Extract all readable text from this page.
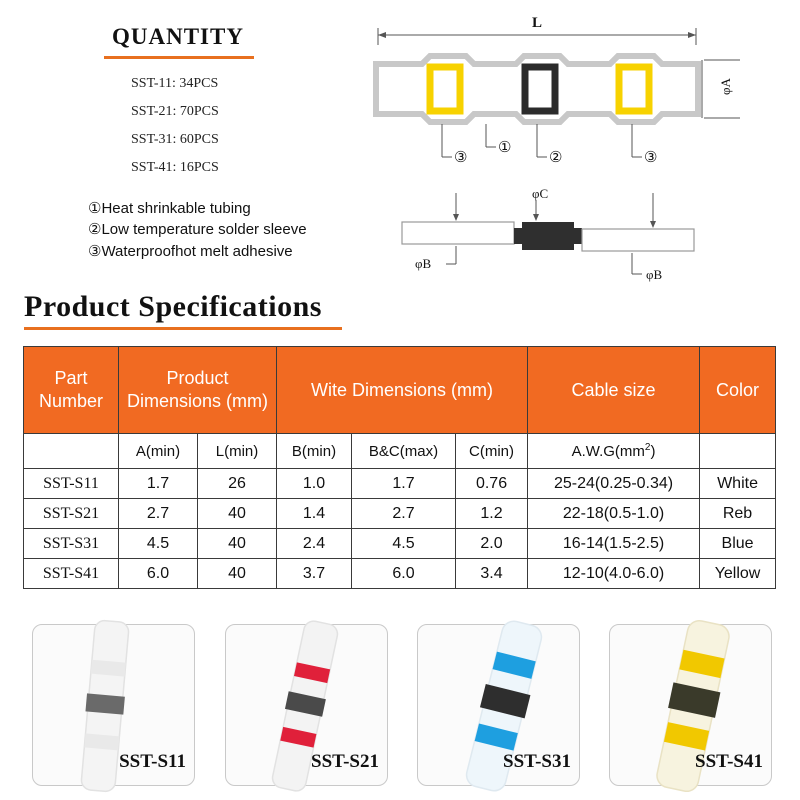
QUANTITY
SST-11: 34PCS
SST-21: 70PCS
SST-31: 60PCS
SST-41: 16PCS
①Heat shrinkable tubing
②Low temperature solder sleeve
③Waterproofhot melt adhesive
L
φA
③
①
②	③
φC
φB
φB
Product Specifications
Part Number	Product Dimensions (mm)		Wite Dimensions (mm)			Cable size	Color
	A(min)	L(min)	B(min)	B&C(max)	C(min)	$A.W.G(mm^2)$	
SST-S11	1.7	26	1.0	1.7	0.76	25-24(0.25-0.34)	White
SST-S21	2.7	40	1.4	2.7	1.2	22-18(0.5-1.0)	Reb
SST-S31	4.5	40	2.4	4.5	2.0	16-14(1.5-2.5)	Blue
SST-S41	6.0	40	3.7	6.0	3.4	12-10(4.0-6.0)	Yellow
SST-S11	SST-S21	SST-S31	SST-S41
